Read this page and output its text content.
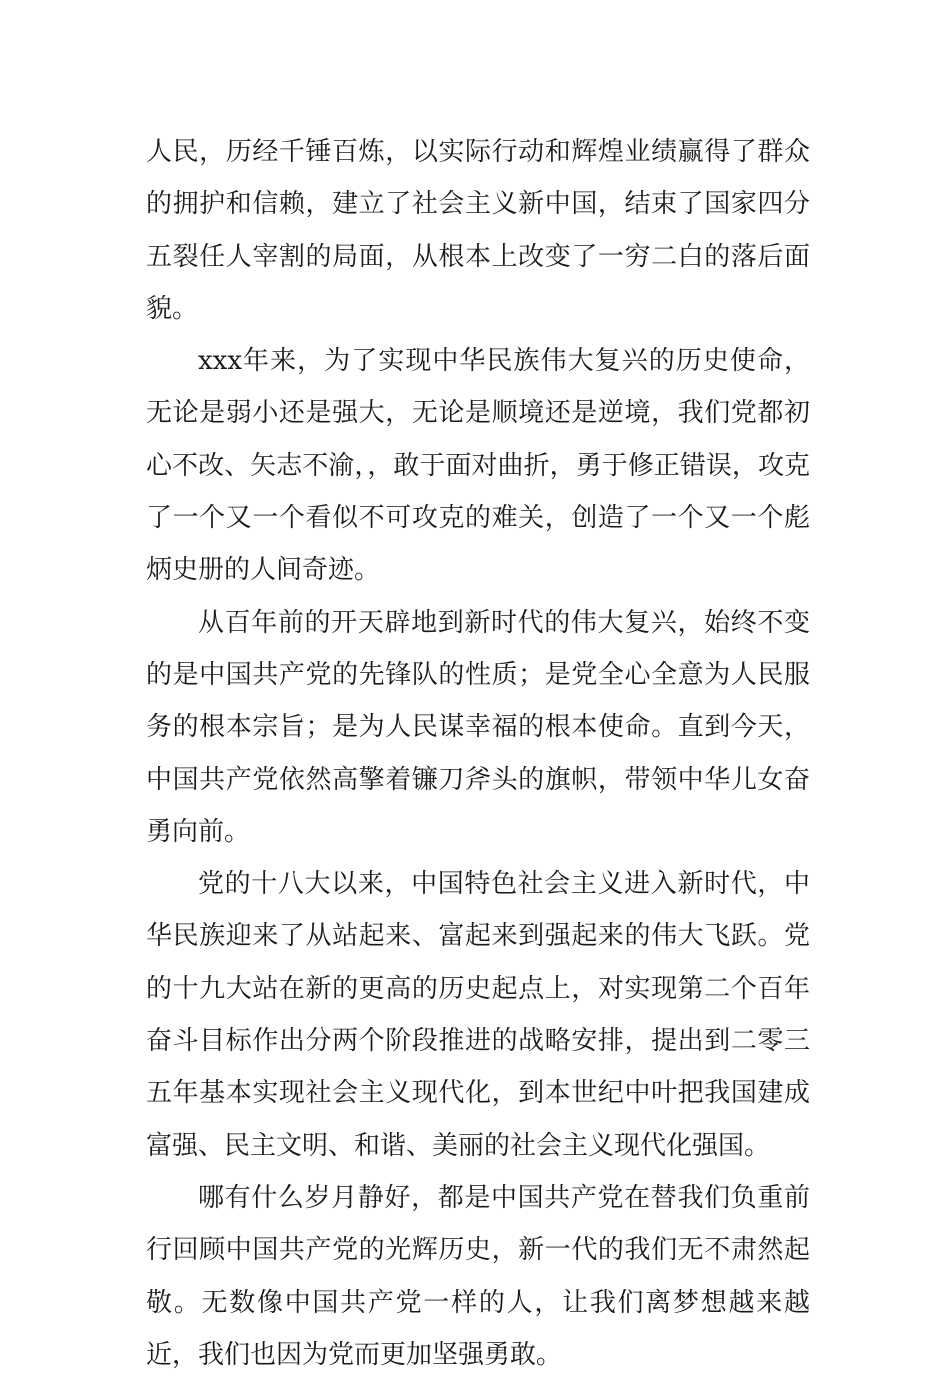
人民，历经千锤百炼，以实际行动和辉煌业绩赢得了群众的拥护和信赖，建立了社会主义新中国，结束了国家四分五裂任人宰割的局面，从根本上改变了一穷二白的落后面貌。

xxx年来，为了实现中华民族伟大复兴的历史使命，无论是弱小还是强大，无论是顺境还是逆境，我们党都初心不改、矢志不渝，，敢于面对曲折，勇于修正错误，攻克了一个又一个看似不可攻克的难关，创造了一个又一个彪炳史册的人间奇迹。

从百年前的开天辟地到新时代的伟大复兴，始终不变的是中国共产党的先锋队的性质；是党全心全意为人民服务的根本宗旨；是为人民谋幸福的根本使命。直到今天，中国共产党依然高擎着镰刀斧头的旗帜，带领中华儿女奋勇向前。

党的十八大以来，中国特色社会主义进入新时代，中华民族迎来了从站起来、富起来到强起来的伟大飞跃。党的十九大站在新的更高的历史起点上，对实现第二个百年奋斗目标作出分两个阶段推进的战略安排，提出到二零三五年基本实现社会主义现代化，到本世纪中叶把我国建成富强、民主文明、和谐、美丽的社会主义现代化强国。

哪有什么岁月静好，都是中国共产党在替我们负重前行回顾中国共产党的光辉历史，新一代的我们无不肃然起敬。无数像中国共产党一样的人，让我们离梦想越来越近，我们也因为党而更加坚强勇敢。
